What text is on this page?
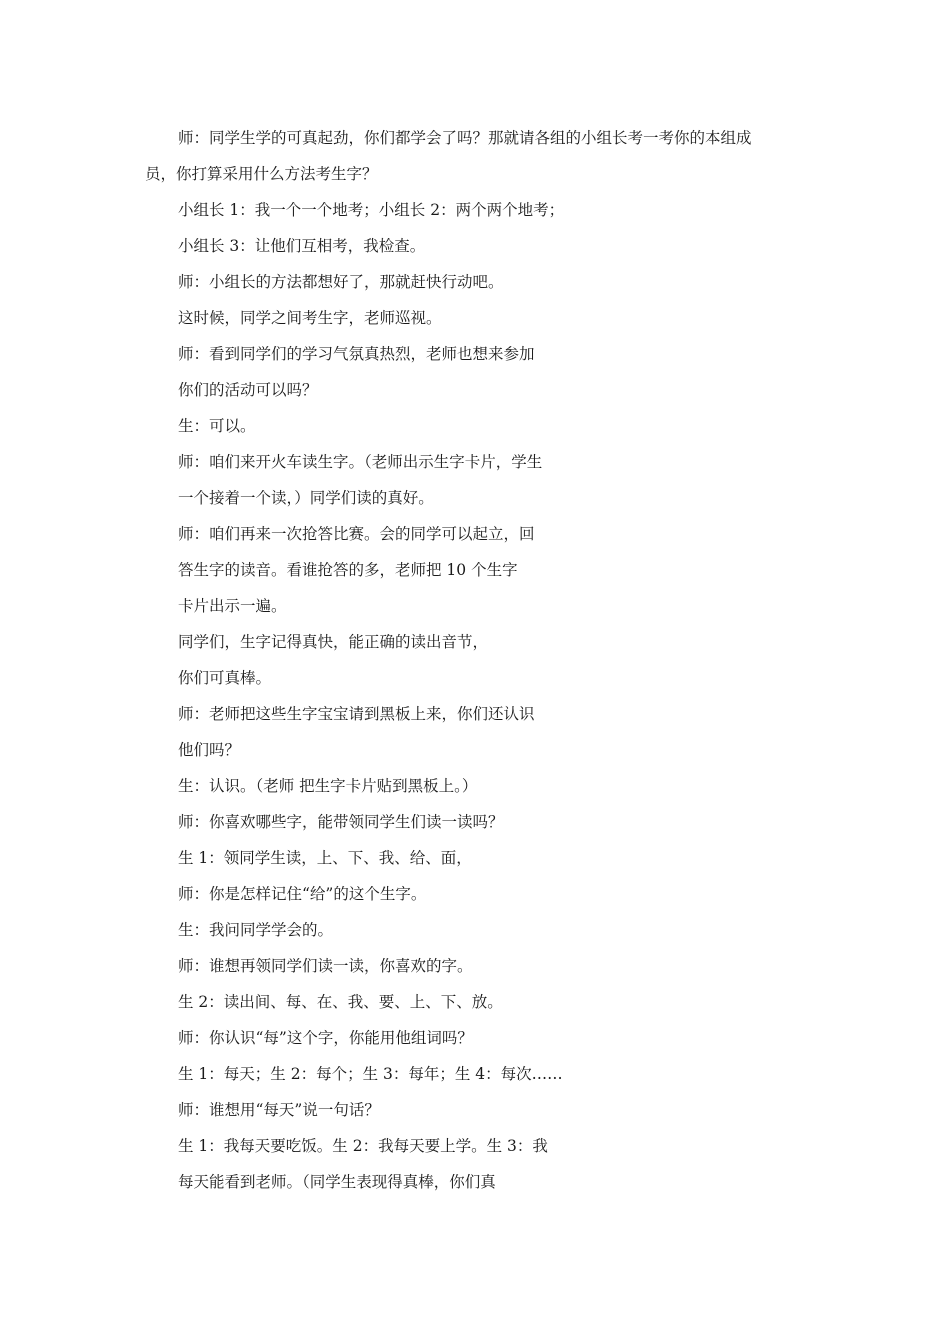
师：同学生学的可真起劲，你们都学会了吗？那就请各组的小组长考一考你的本组成

员，你打算采用什么方法考生字？

小组长 1：我一个一个地考；小组长 2：两个两个地考；

小组长 3：让他们互相考，我检查。

师：小组长的方法都想好了，那就赶快行动吧。

这时候，同学之间考生字，老师巡视。

师：看到同学们的学习气氛真热烈，老师也想来参加

你们的活动可以吗？

生：可以。

师：咱们来开火车读生字。（老师出示生字卡片，学生

一个接着一个读，）同学们读的真好。

师：咱们再来一次抢答比赛。会的同学可以起立，回

答生字的读音。看谁抢答的多，老师把 10 个生字

卡片出示一遍。

同学们，生字记得真快，能正确的读出音节，

你们可真棒。

师：老师把这些生字宝宝请到黑板上来，你们还认识

他们吗？

生：认识。（老师 把生字卡片贴到黑板上。）

师：你喜欢哪些字，能带领同学生们读一读吗？

生 1：领同学生读，上、下、我、给、面，

师：你是怎样记住“给”的这个生字。

生：我问同学学会的。

师：谁想再领同学们读一读，你喜欢的字。

生 2：读出间、每、在、我、要、上、下、放。

师：你认识“每”这个字，你能用他组词吗？

生 1：每天；生 2：每个；生 3：每年；生 4：每次……

师：谁想用“每天”说一句话？

生 1：我每天要吃饭。生 2：我每天要上学。生 3：我

每天能看到老师。（同学生表现得真棒，你们真
